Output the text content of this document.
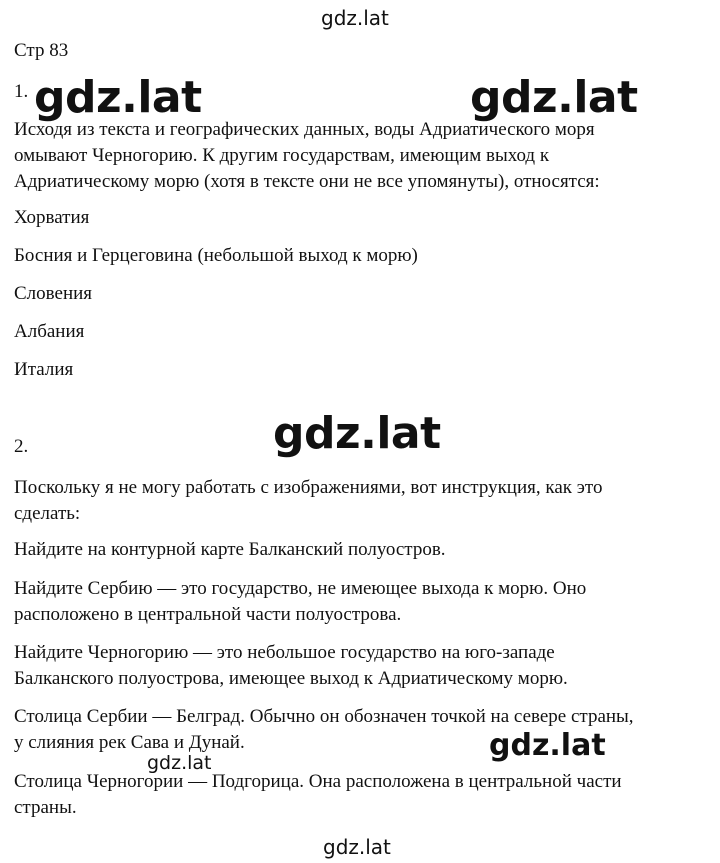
gdz.lat
gdz.lat	gdz.lat
gdz.lat
gdz.lat
gdz.lat
gdz.lat
Стр 83
1.
Исходя из текста и географических данных, воды Адриатического моря
омывают Черногорию. К другим государствам, имеющим выход к
Адриатическому морю (хотя в тексте они не все упомянуты), относятся:
Хорватия
Босния и Герцеговина (небольшой выход к морю)
Словения
Албания
Италия
2.
Поскольку я не могу работать с изображениями, вот инструкция, как это
сделать:
Найдите на контурной карте Балканский полуостров.
Найдите Сербию — это государство, не имеющее выхода к морю. Оно
расположено в центральной части полуострова.
Найдите Черногорию — это небольшое государство на юго-западе
Балканского полуострова, имеющее выход к Адриатическому морю.
Столица Сербии — Белград. Обычно он обозначен точкой на севере страны,
у слияния рек Сава и Дунай.
Столица Черногории — Подгорица. Она расположена в центральной части
страны.
